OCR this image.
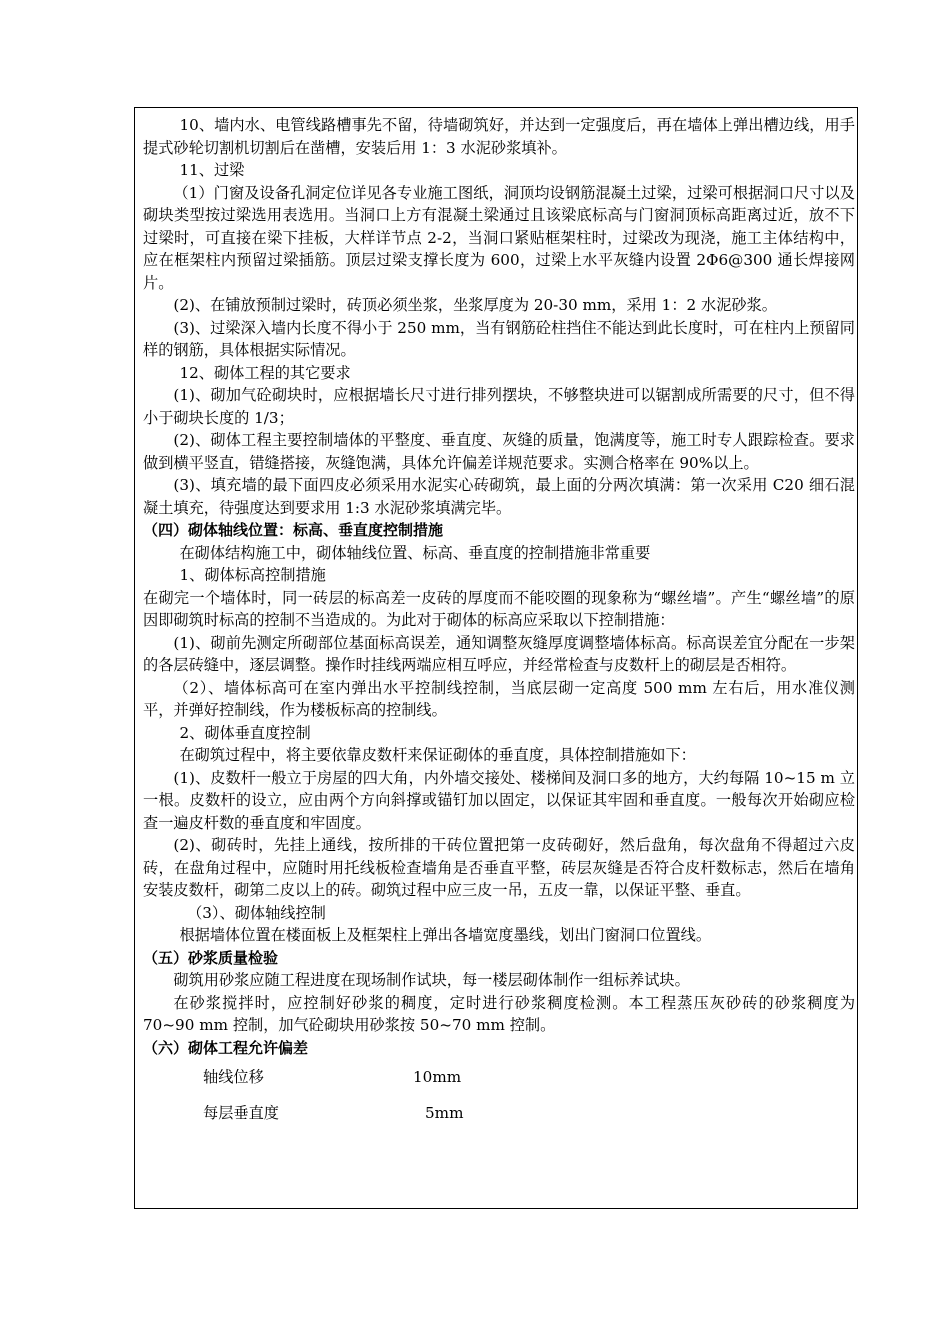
10、墙内水、电管线路槽事先不留，待墙砌筑好，并达到一定强度后，再在墙体上弹出槽边线，用手提式砂轮切割机切割后在凿槽，安装后用 1：3 水泥砂浆填补。

11、过梁

（1）门窗及设备孔洞定位详见各专业施工图纸，洞顶均设钢筋混凝土过梁，过梁可根据洞口尺寸以及砌块类型按过梁选用表选用。当洞口上方有混凝土梁通过且该梁底标高与门窗洞顶标高距离过近，放不下过梁时，可直接在梁下挂板，大样详节点 2-2，当洞口紧贴框架柱时，过梁改为现浇，施工主体结构中，应在框架柱内预留过梁插筋。顶层过梁支撑长度为 600，过梁上水平灰缝内设置 2Φ6@300 通长焊接网片。

(2)、在铺放预制过梁时，砖顶必须坐浆，坐浆厚度为 20-30 mm，采用 1：2 水泥砂浆。

(3)、过梁深入墙内长度不得小于 250 mm，当有钢筋砼柱挡住不能达到此长度时，可在柱内上预留同样的钢筋，具体根据实际情况。

12、砌体工程的其它要求

(1)、砌加气砼砌块时，应根据墙长尺寸进行排列摆块，不够整块进可以锯割成所需要的尺寸，但不得小于砌块长度的 1/3；

(2)、砌体工程主要控制墙体的平整度、垂直度、灰缝的质量，饱满度等，施工时专人跟踪检查。要求做到横平竖直，错缝搭接，灰缝饱满，具体允许偏差详规范要求。实测合格率在 90%以上。

(3)、填充墙的最下面四皮必须采用水泥实心砖砌筑，最上面的分两次填满：第一次采用 C20 细石混凝土填充，待强度达到要求用 1:3 水泥砂浆填满完毕。

（四）砌体轴线位置：标高、垂直度控制措施

在砌体结构施工中，砌体轴线位置、标高、垂直度的控制措施非常重要

1、砌体标高控制措施

在砌完一个墙体时，同一砖层的标高差一皮砖的厚度而不能咬圈的现象称为“螺丝墙”。产生“螺丝墙”的原因即砌筑时标高的控制不当造成的。为此对于砌体的标高应采取以下控制措施：

(1)、砌前先测定所砌部位基面标高误差，通知调整灰缝厚度调整墙体标高。标高误差宜分配在一步架的各层砖缝中，逐层调整。操作时挂线两端应相互呼应，并经常检查与皮数杆上的砌层是否相符。

（2）、墙体标高可在室内弹出水平控制线控制，当底层砌一定高度 500 mm 左右后，用水准仪测平，并弹好控制线，作为楼板标高的控制线。

2、砌体垂直度控制

在砌筑过程中，将主要依靠皮数杆来保证砌体的垂直度，具体控制措施如下：

(1)、皮数杆一般立于房屋的四大角，内外墙交接处、楼梯间及洞口多的地方，大约每隔 10~15 m 立一根。皮数杆的设立，应由两个方向斜撑或锚钉加以固定，以保证其牢固和垂直度。一般每次开始砌应检查一遍皮杆数的垂直度和牢固度。

(2)、砌砖时，先挂上通线，按所排的干砖位置把第一皮砖砌好，然后盘角，每次盘角不得超过六皮砖，在盘角过程中，应随时用托线板检查墙角是否垂直平整，砖层灰缝是否符合皮杆数标志，然后在墙角安装皮数杆，砌第二皮以上的砖。砌筑过程中应三皮一吊，五皮一靠，以保证平整、垂直。

（3）、砌体轴线控制

根据墙体位置在楼面板上及框架柱上弹出各墙宽度墨线，划出门窗洞口位置线。

（五）砂浆质量检验

砌筑用砂浆应随工程进度在现场制作试块，每一楼层砌体制作一组标养试块。

在砂浆搅拌时，应控制好砂浆的稠度，定时进行砂浆稠度检测。本工程蒸压灰砂砖的砂浆稠度为 70~90 mm 控制，加气砼砌块用砂浆按 50~70 mm 控制。

（六）砌体工程允许偏差

轴线位移	10mm
每层垂直度	5mm
